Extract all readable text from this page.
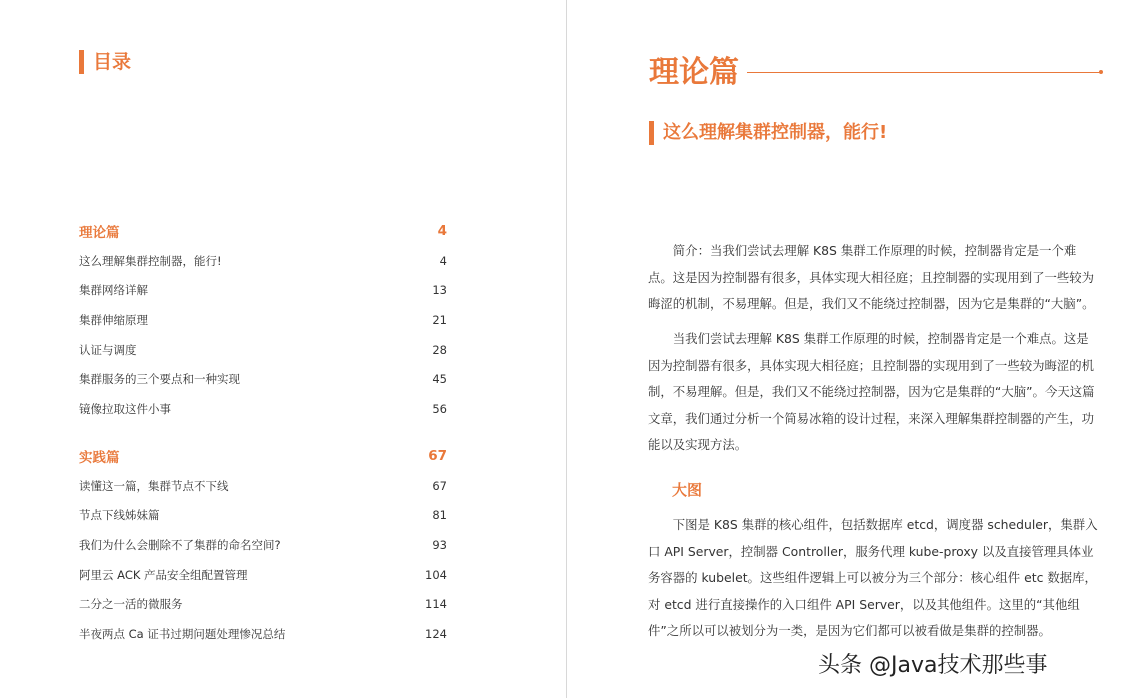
目录
理论篇	4
这么理解集群控制器，能行!	4
集群网络详解	13
集群伸缩原理	21
认证与调度	28
集群服务的三个要点和一种实现	45
镜像拉取这件小事	56
实践篇	67
读懂这一篇，集群节点不下线	67
节点下线姊妹篇	81
我们为什么会删除不了集群的命名空间?	93
阿里云 ACK 产品安全组配置管理	104
二分之一活的微服务	114
半夜两点 Ca 证书过期问题处理惨况总结	124
理论篇
这么理解集群控制器，能行!

简介：当我们尝试去理解 K8S 集群工作原理的时候，控制器肯定是一个难点。这是因为控制器有很多，具体实现大相径庭；且控制器的实现用到了一些较为晦涩的机制，不易理解。但是，我们又不能绕过控制器，因为它是集群的“大脑”。

当我们尝试去理解 K8S 集群工作原理的时候，控制器肯定是一个难点。这是因为控制器有很多，具体实现大相径庭；且控制器的实现用到了一些较为晦涩的机制，不易理解。但是，我们又不能绕过控制器，因为它是集群的“大脑”。今天这篇文章，我们通过分析一个简易冰箱的设计过程，来深入理解集群控制器的产生，功能以及实现方法。

大图

下图是 K8S 集群的核心组件，包括数据库 etcd，调度器 scheduler，集群入口 API Server，控制器 Controller，服务代理 kube-proxy 以及直接管理具体业务容器的 kubelet。这些组件逻辑上可以被分为三个部分：核心组件 etc 数据库，对 etcd 进行直接操作的入口组件 API Server，以及其他组件。这里的“其他组件”之所以可以被划分为一类，是因为它们都可以被看做是集群的控制器。

头条 @Java技术那些事
